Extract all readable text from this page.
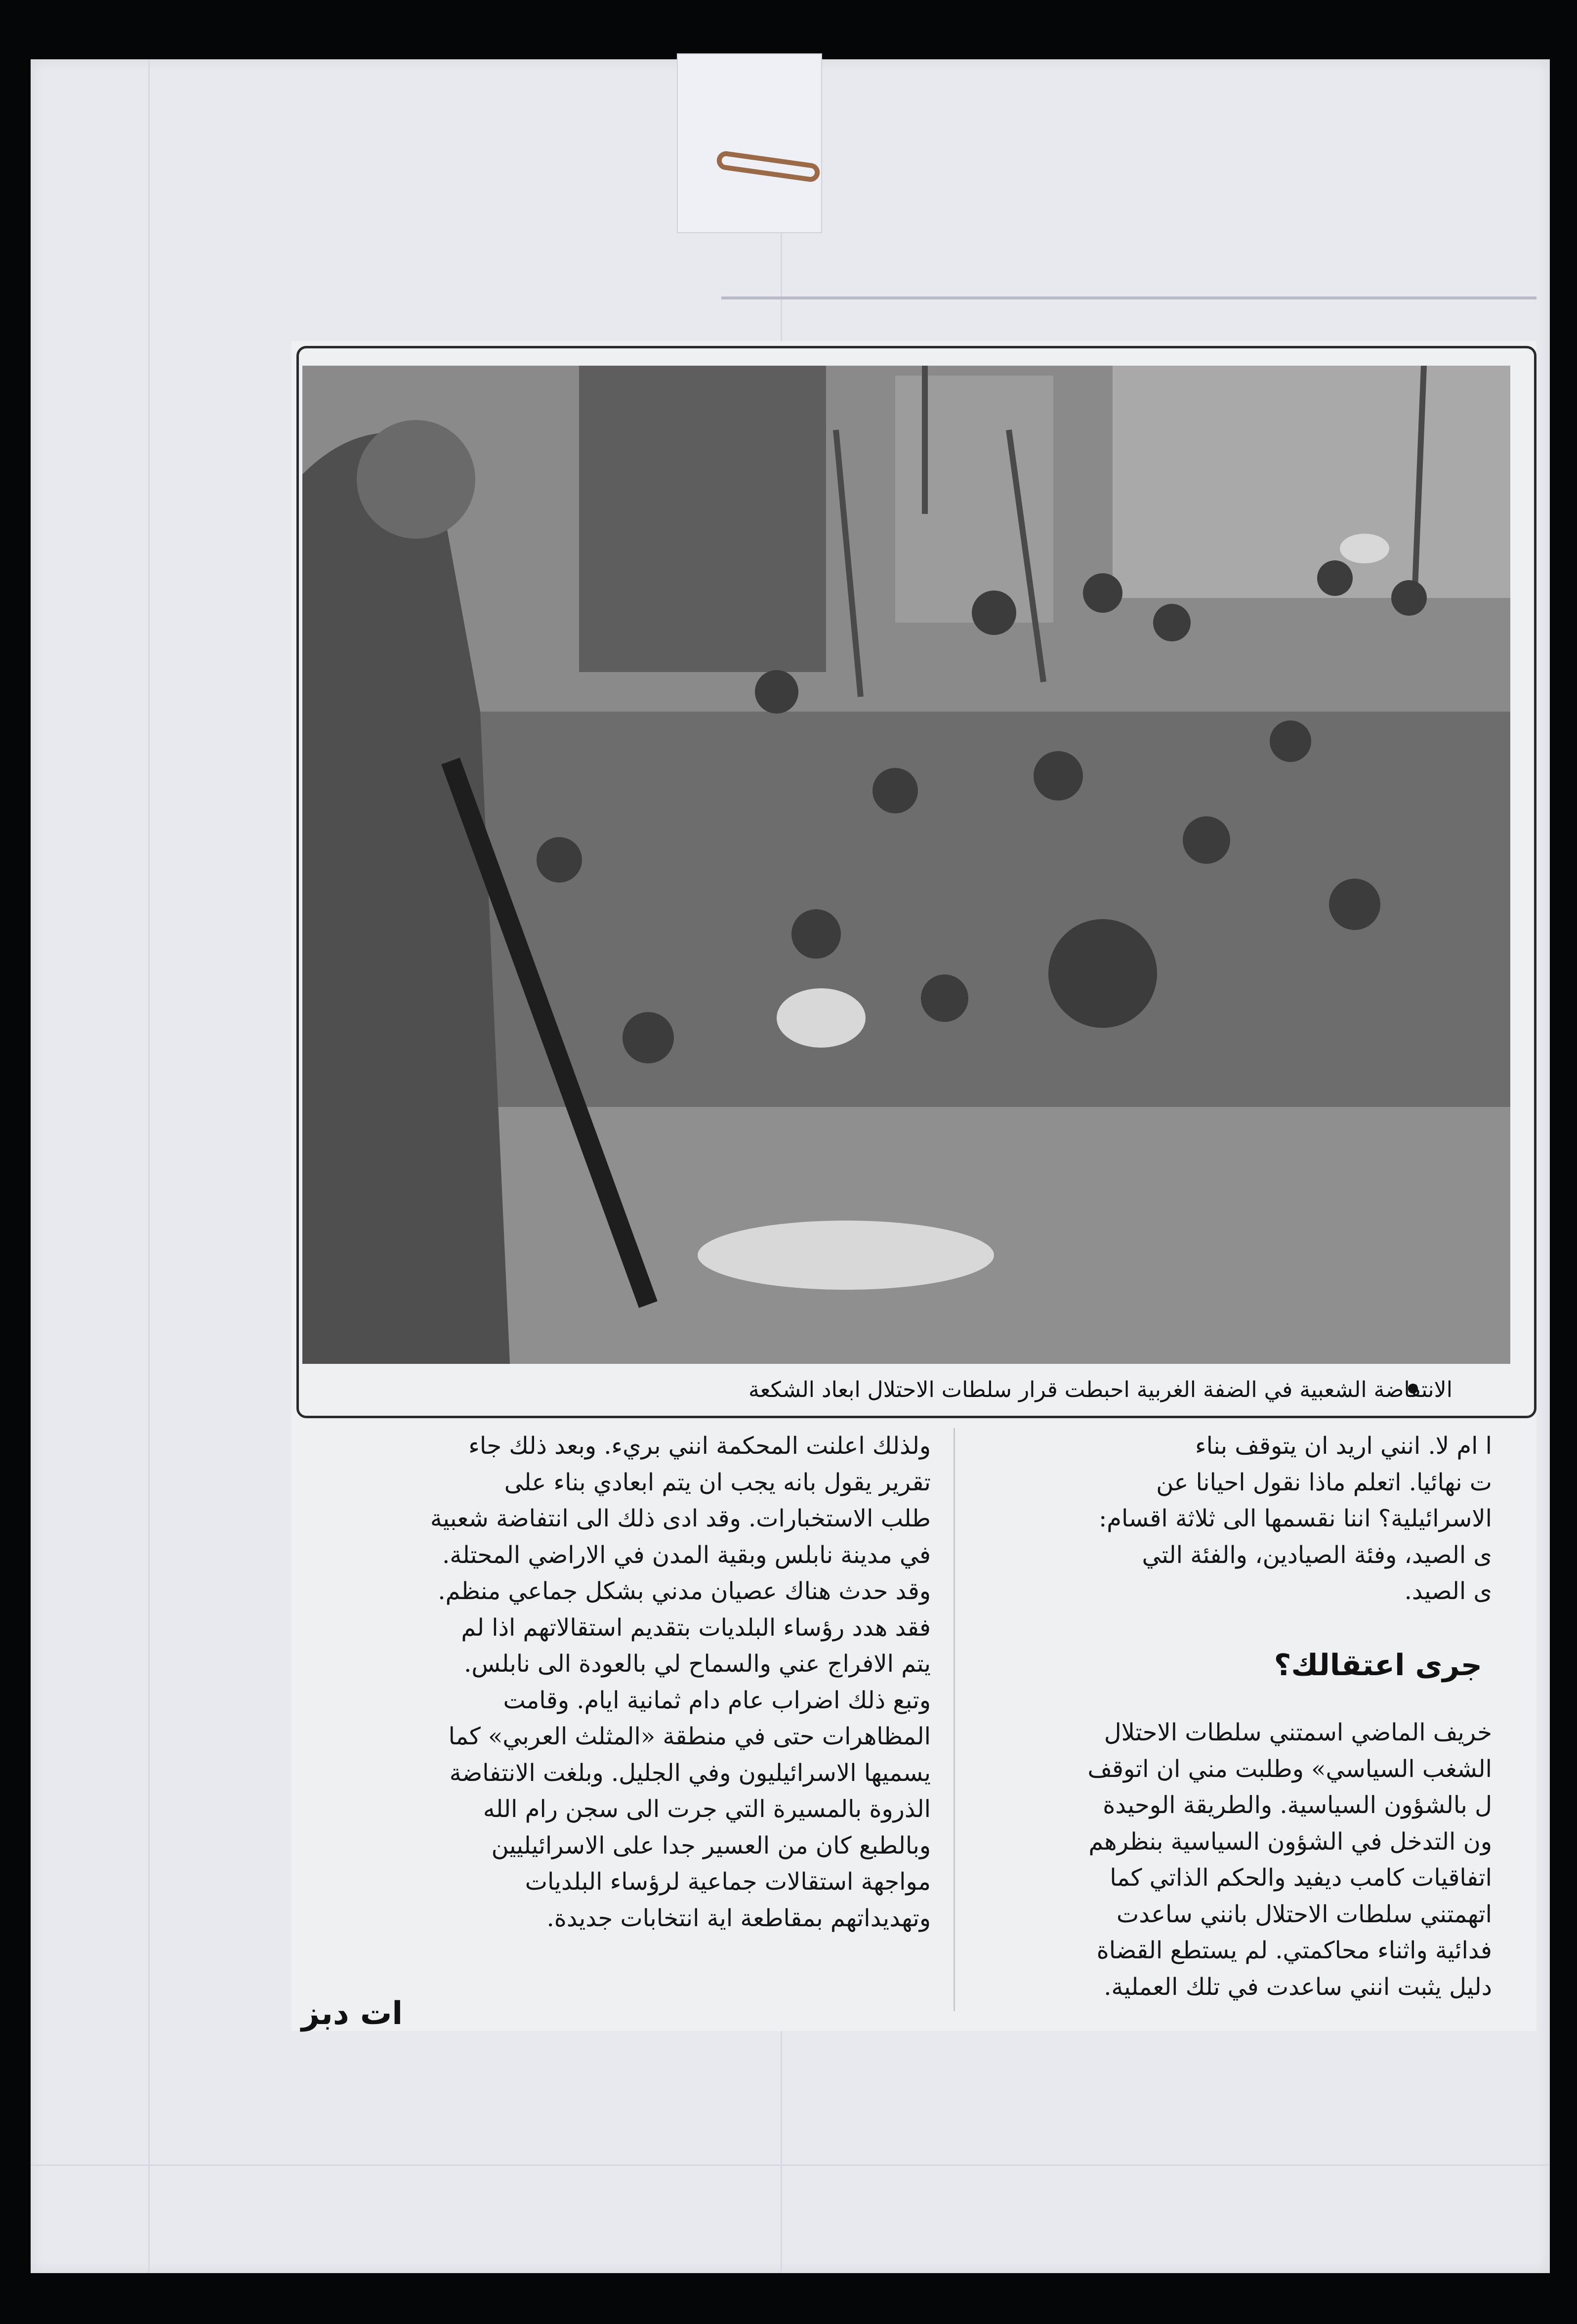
الانتفاضة الشعبية في الضفة الغربية احبطت قرار سلطات الاحتلال ابعاد الشكعة

ولذلك اعلنت المحكمة انني بريء. وبعد ذلك جاء

تقرير يقول بانه يجب ان يتم ابعادي بناء على

طلب الاستخبارات. وقد ادى ذلك الى انتفاضة شعبية

في مدينة نابلس وبقية المدن في الاراضي المحتلة.

وقد حدث هناك عصيان مدني بشكل جماعي منظم.

فقد هدد رؤساء البلديات بتقديم استقالاتهم اذا لم

يتم الافراج عني والسماح لي بالعودة الى نابلس.

وتبع ذلك اضراب عام دام ثمانية ايام. وقامت

المظاهرات حتى في منطقة «المثلث العربي» كما

يسميها الاسرائيليون وفي الجليل. وبلغت الانتفاضة

الذروة بالمسيرة التي جرت الى سجن رام الله

وبالطبع كان من العسير جدا على الاسرائيليين

مواجهة استقالات جماعية لرؤساء البلديات

وتهديداتهم بمقاطعة اية انتخابات جديدة.

ا ام لا. انني اريد ان يتوقف بناء

ت نهائيا. اتعلم ماذا نقول احيانا عن

الاسرائيلية؟ اننا نقسمها الى ثلاثة اقسام:

ى الصيد، وفئة الصيادين، والفئة التي

ى الصيد.

جرى اعتقالك؟

خريف الماضي اسمتني سلطات الاحتلال

الشغب السياسي» وطلبت مني ان اتوقف

ل بالشؤون السياسية. والطريقة الوحيدة

ون التدخل في الشؤون السياسية بنظرهم

اتفاقيات كامب ديفيد والحكم الذاتي كما

اتهمتني سلطات الاحتلال بانني ساعدت

فدائية واثناء محاكمتي. لم يستطع القضاة

دليل يثبت انني ساعدت في تلك العملية.

ات دبز
